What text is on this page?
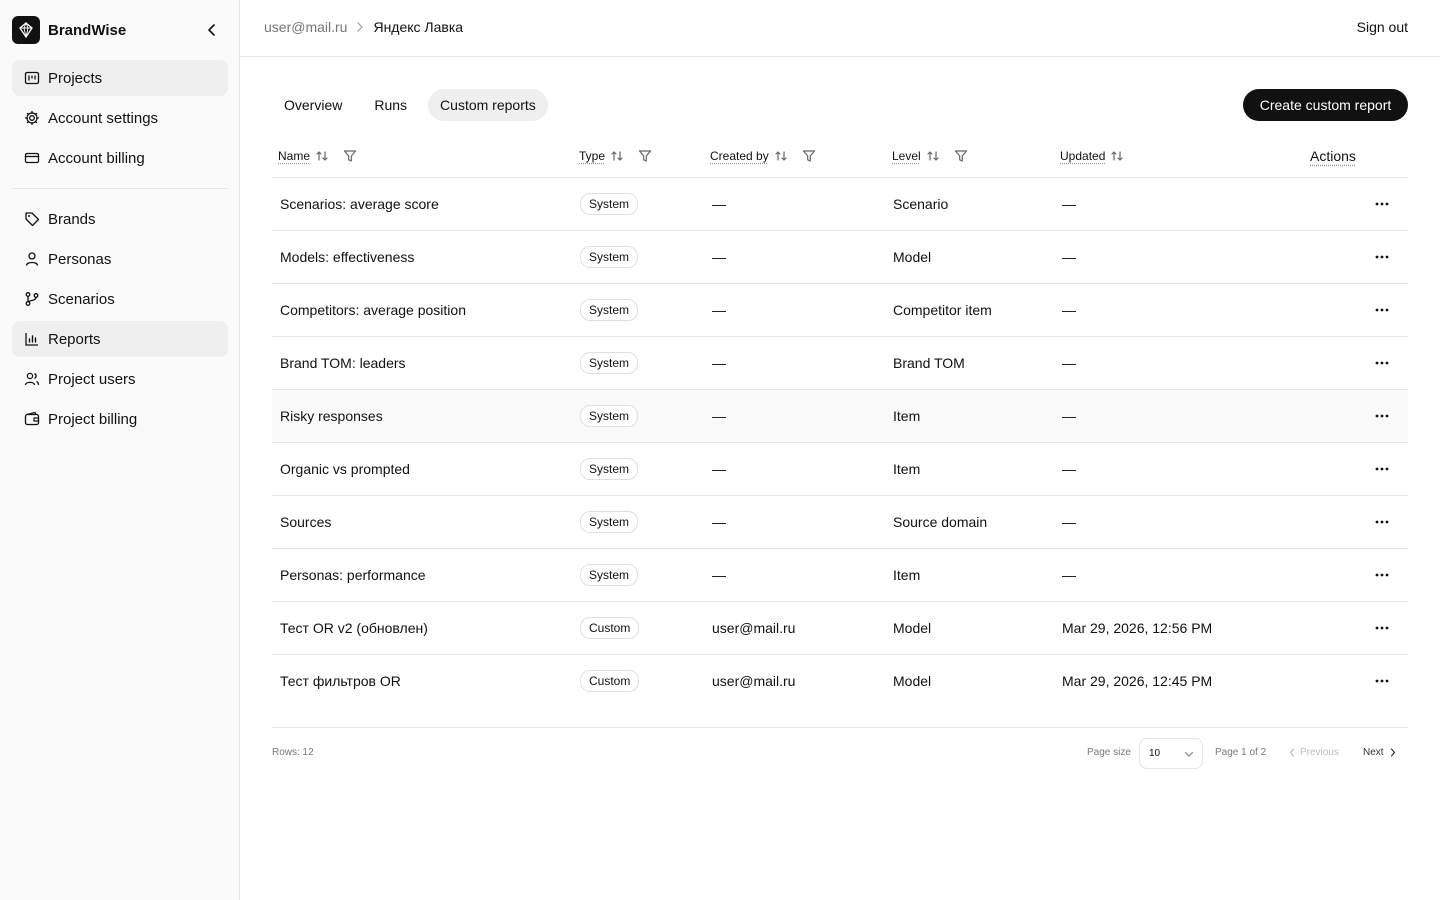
BrandWise
Projects
Account settings
Account billing
Brands
Personas
Scenarios
Reports
Project users
Project billing
user@mail.ru Яндекс Лавка	Sign out
Overview	Runs	Custom reports	Create custom report
Name	Type	Created by	Level	Updated	Actions
Scenarios: average score	System	—	Scenario	—
Models: effectiveness	System	—	Model	—
Competitors: average position	System	—	Competitor item	—
Brand TOM: leaders	System	—	Brand TOM	—
Risky responses	System	—	Item	—
Organic vs prompted	System	—	Item	—
Sources	System	—	Source domain	—
Personas: performance	System	—	Item	—
Тест OR v2 (обновлен)	Custom	user@mail.ru	Model	Mar 29, 2026, 12:56 PM
Тест фильтров OR	Custom	user@mail.ru	Model	Mar 29, 2026, 12:45 PM
Rows: 12	Page size 10	Page 1 of 2	Previous Next
